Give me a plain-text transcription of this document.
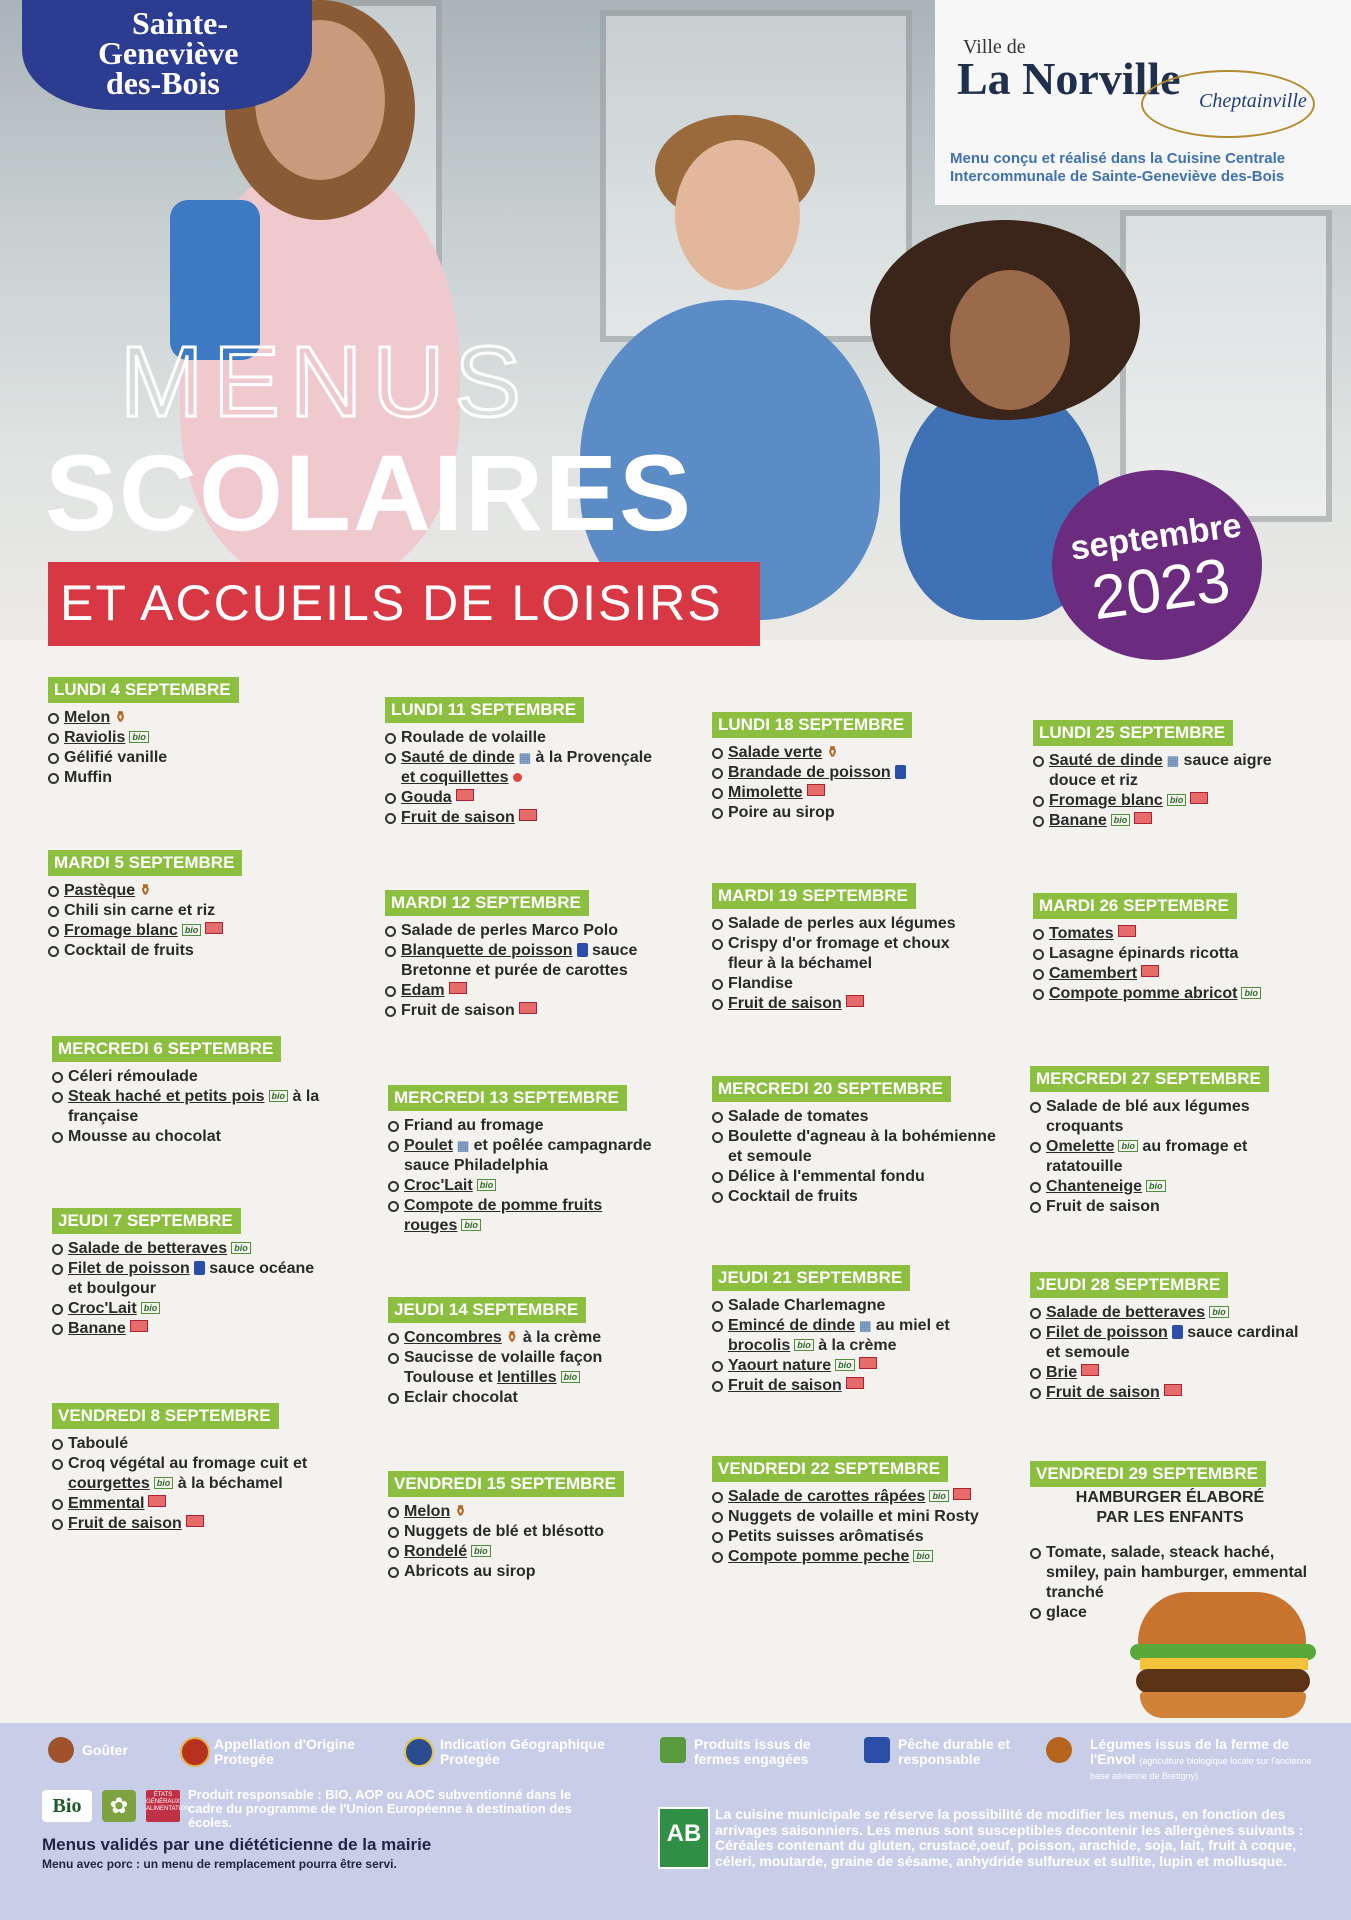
Sainte-
Geneviève
des-Bois
Ville de
La Norville Cheptainville
Menu conçu et réalisé dans la Cuisine Centrale Intercommunale de Sainte-Geneviève des-Bois
MENUS
SCOLAIRES
ET ACCUEILS DE LOISIRS
septembre
2023
LUNDI 4 SEPTEMBRE
Melon ⚱
Raviolis bio
Gélifié vanille
Muffin
MARDI 5 SEPTEMBRE
Pastèque ⚱
Chili sin carne et riz
Fromage blanc bio
Cocktail de fruits
MERCREDI 6 SEPTEMBRE
Céleri rémoulade
Steak haché et petits pois bio à la
française
Mousse au chocolat
JEUDI 7 SEPTEMBRE
Salade de betteraves bio
Filet de poisson sauce océane
et boulgour
Croc'Lait bio
Banane
VENDREDI 8 SEPTEMBRE
Taboulé
Croq végétal au fromage cuit et
courgettes bio à la béchamel
Emmental
Fruit de saison
LUNDI 11 SEPTEMBRE
Roulade de volaille
Sauté de dinde ▦ à la Provençale
et coquillettes
Gouda
Fruit de saison
MARDI 12 SEPTEMBRE
Salade de perles Marco Polo
Blanquette de poisson sauce
Bretonne et purée de carottes
Edam
Fruit de saison
MERCREDI 13 SEPTEMBRE
Friand au fromage
Poulet ▦ et poêlée campagnarde
sauce Philadelphia
Croc'Lait bio
Compote de pomme fruits
rouges bio
JEUDI 14 SEPTEMBRE
Concombres ⚱ à la crème
Saucisse de volaille façon
Toulouse et lentilles bio
Eclair chocolat
VENDREDI 15 SEPTEMBRE
Melon ⚱
Nuggets de blé et blésotto
Rondelé bio
Abricots au sirop
LUNDI 18 SEPTEMBRE
Salade verte ⚱
Brandade de poisson
Mimolette
Poire au sirop
MARDI 19 SEPTEMBRE
Salade de perles aux légumes
Crispy d'or fromage et choux
fleur à la béchamel
Flandise
Fruit de saison
MERCREDI 20 SEPTEMBRE
Salade de tomates
Boulette d'agneau à la bohémienne
et semoule
Délice à l'emmental fondu
Cocktail de fruits
JEUDI 21 SEPTEMBRE
Salade Charlemagne
Emincé de dinde ▦ au miel et
brocolis bio à la crème
Yaourt nature bio
Fruit de saison
VENDREDI 22 SEPTEMBRE
Salade de carottes râpées bio
Nuggets de volaille et mini Rosty
Petits suisses arômatisés
Compote pomme peche bio
LUNDI 25 SEPTEMBRE
Sauté de dinde ▦ sauce aigre
douce et riz
Fromage blanc bio
Banane bio
MARDI 26 SEPTEMBRE
Tomates
Lasagne épinards ricotta
Camembert
Compote pomme abricot bio
MERCREDI 27 SEPTEMBRE
Salade de blé aux légumes
croquants
Omelette bio au fromage et
ratatouille
Chanteneige bio
Fruit de saison
JEUDI 28 SEPTEMBRE
Salade de betteraves bio
Filet de poisson sauce cardinal
et semoule
Brie
Fruit de saison
VENDREDI 29 SEPTEMBRE
HAMBURGER ÉLABORÉ
PAR LES ENFANTS
Tomate, salade, steack haché, smiley, pain hamburger, emmental tranché
glace
Goûter	Appellation d'Origine Protegée
Indication Géographique Protegée
Produits issus de fermes engagées
Pêche durable et responsable
Légumes issus de la ferme de l'Envol (agriculture biologique locale sur l'ancienne base aérienne de Brétigny)
Bio	✿	ÉTATS GÉNÉRAUX ALIMENTATION
Produit responsable : BIO, AOP ou AOC subventionné dans le cadre du programme de l'Union Européenne à destination des écoles.
Menus validés par une diététicienne de la mairie
Menu avec porc : un menu de remplacement pourra être servi.
AB
La cuisine municipale se réserve la possibilité de modifier les menus, en fonction des arrivages saisonniers. Les menus sont susceptibles decontenir les allergènes suivants : Céréales contenant du gluten, crustacé,oeuf, poisson, arachide, soja, lait, fruit à coque, céleri, moutarde, graine de sésame, anhydride sulfureux et sulfite, lupin et mollusque.
